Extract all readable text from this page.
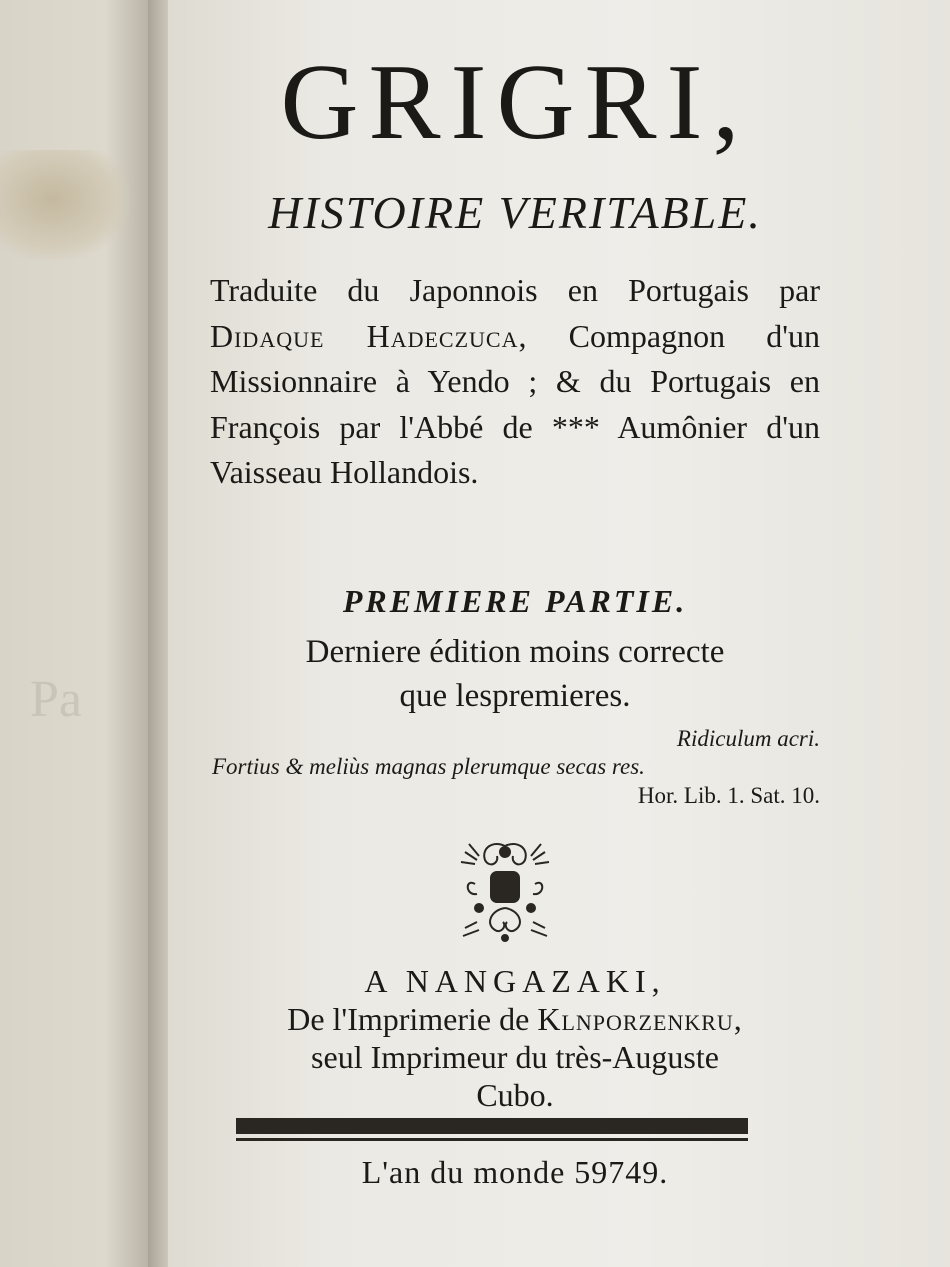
Pa
GRIGRI,
HISTOIRE VERITABLE.
Traduite du Japonnois en Portugais par Didaque Hadeczuca, Compagnon d'un Missionnaire à Yendo ; & du Portugais en François par l'Abbé de *** Aumônier d'un Vaisseau Hollandois.
PREMIERE PARTIE.
Derniere édition moins correcte
que lespremieres.
Ridiculum acri.
Fortius & meliùs magnas plerumque secas res.
Hor. Lib. 1. Sat. 10.
A NANGAZAKI,
De l'Imprimerie de Klnporzenkru,
seul Imprimeur du très-Auguste
Cubo.
L'an du monde 59749.
